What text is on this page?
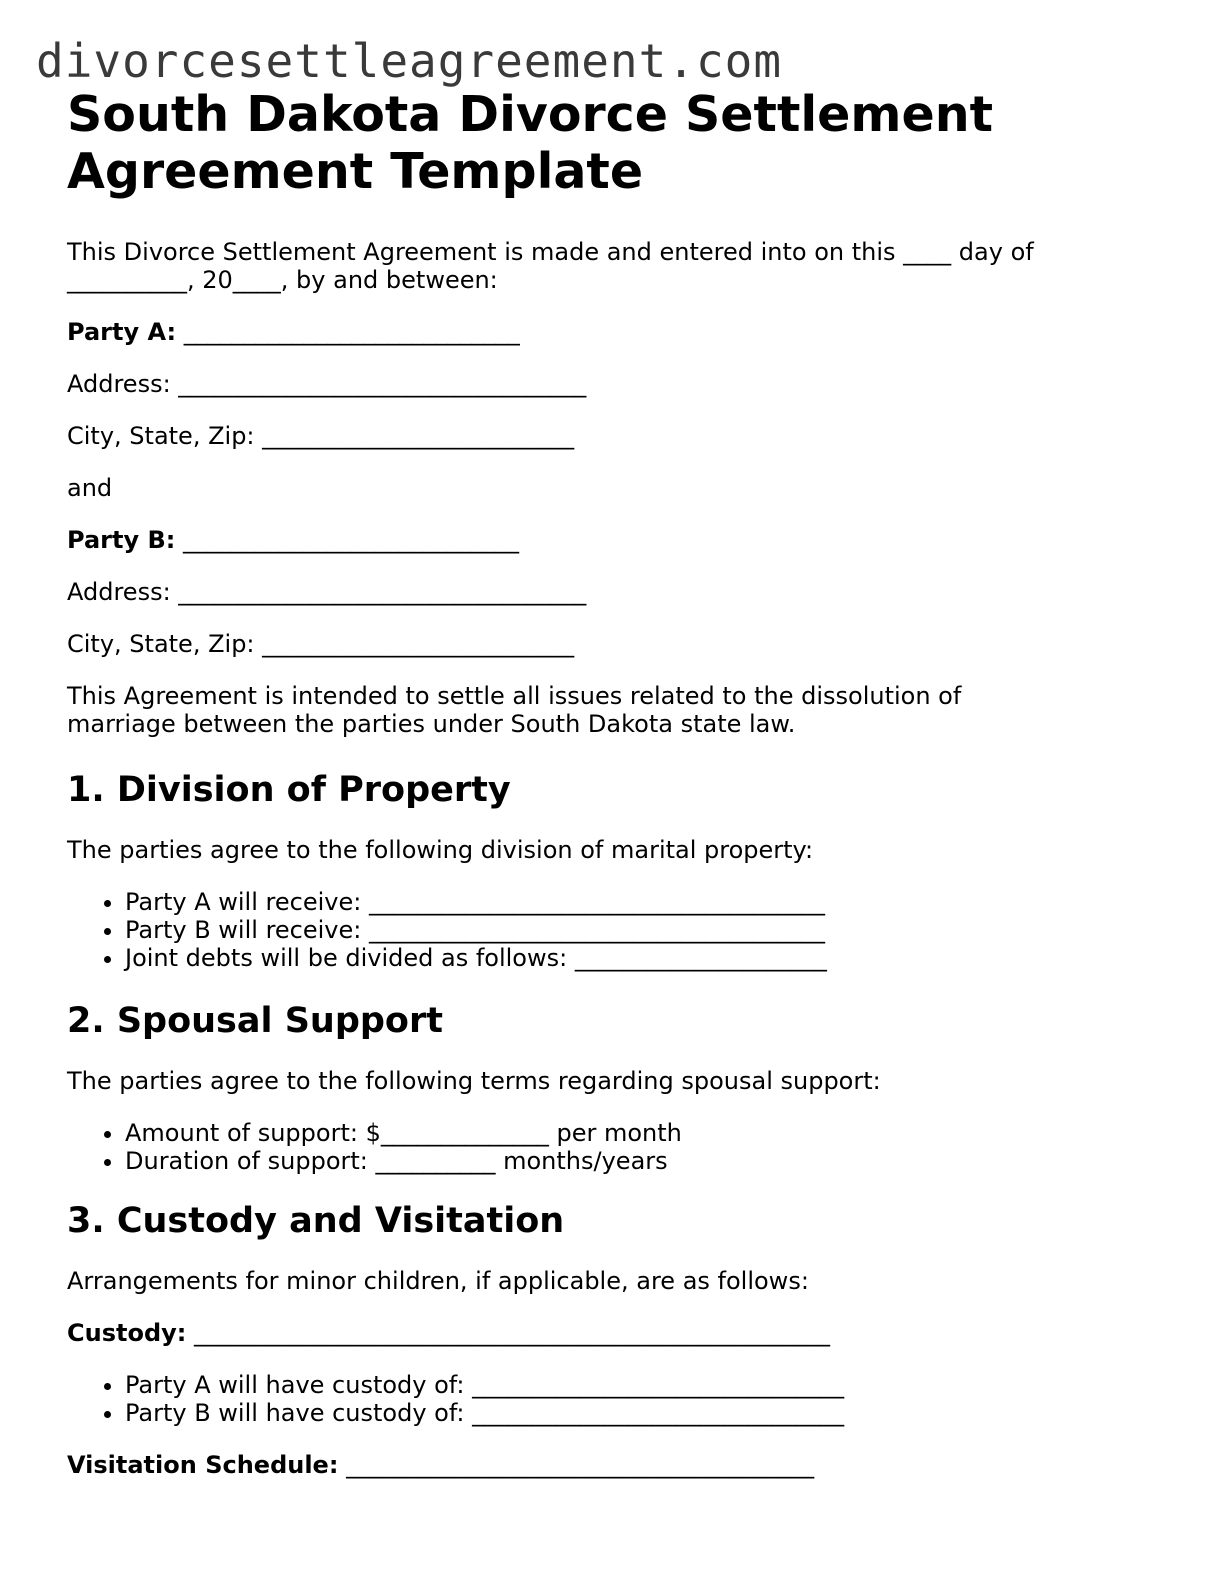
divorcesettleagreement.com
South Dakota Divorce Settlement Agreement Template

This Divorce Settlement Agreement is made and entered into on this ____ day of __________, 20____, by and between:

Party A: ____________________________

Address: __________________________________

City, State, Zip: __________________________

and

Party B: ____________________________

Address: __________________________________

City, State, Zip: __________________________

This Agreement is intended to settle all issues related to the dissolution of marriage between the parties under South Dakota state law.

1. Division of Property

The parties agree to the following division of marital property:

• Party A will receive: ______________________________________
• Party B will receive: ______________________________________
• Joint debts will be divided as follows: _____________________
2. Spousal Support

The parties agree to the following terms regarding spousal support:

• Amount of support: $______________ per month
• Duration of support: __________ months/years
3. Custody and Visitation

Arrangements for minor children, if applicable, are as follows:

Custody: _____________________________________________________

• Party A will have custody of: _______________________________
• Party B will have custody of: _______________________________

Visitation Schedule: _______________________________________
